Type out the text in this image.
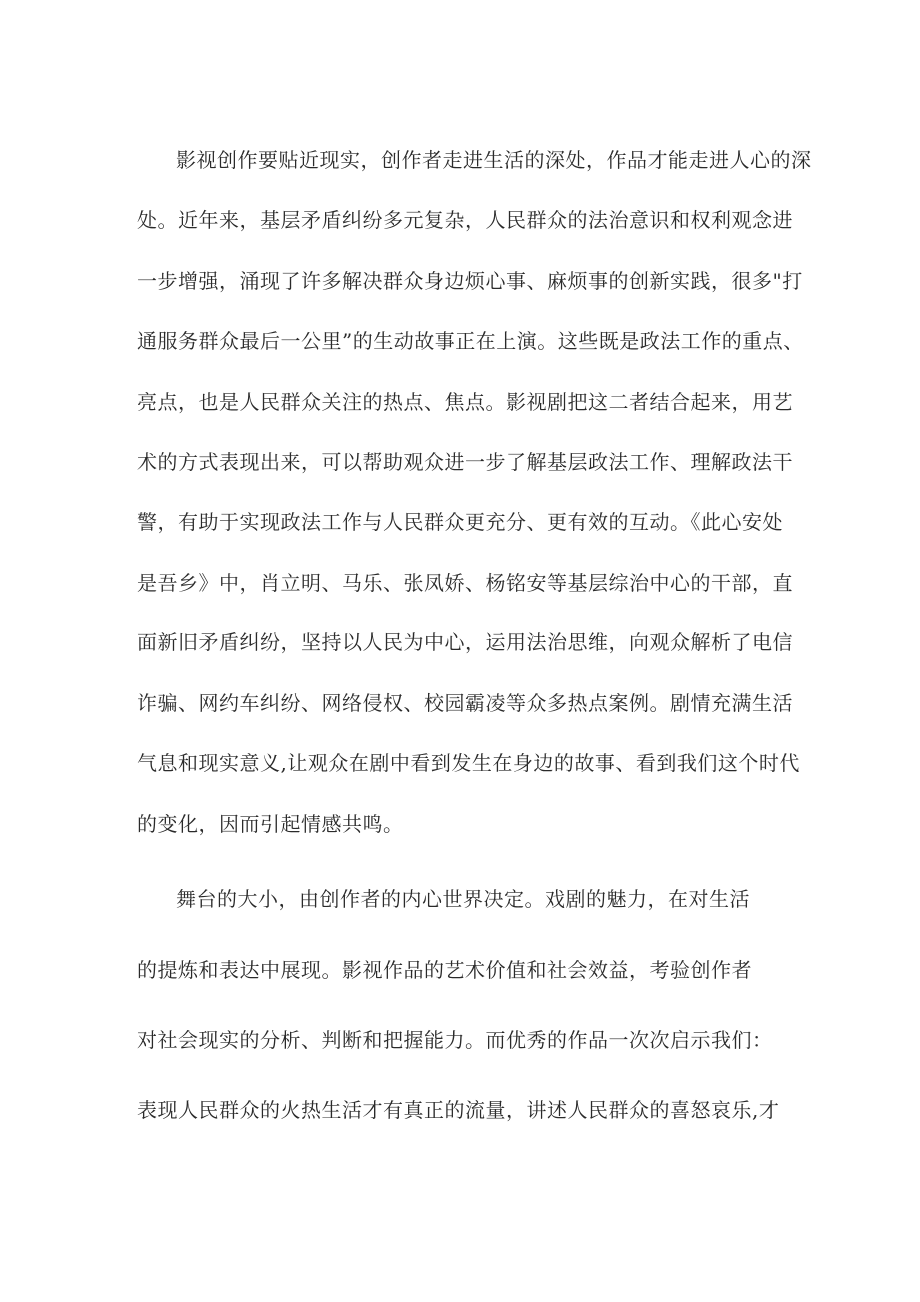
影视创作要贴近现实，创作者走进生活的深处，作品才能走进人心的深
处。近年来，基层矛盾纠纷多元复杂，人民群众的法治意识和权利观念进
一步增强，涌现了许多解决群众身边烦心事、麻烦事的创新实践，很多"打
通服务群众最后一公里”的生动故事正在上演。这些既是政法工作的重点、
亮点，也是人民群众关注的热点、焦点。影视剧把这二者结合起来，用艺
术的方式表现出来，可以帮助观众进一步了解基层政法工作、理解政法干
警，有助于实现政法工作与人民群众更充分、更有效的互动。《此心安处
是吾乡》中，肖立明、马乐、张凤娇、杨铭安等基层综治中心的干部，直
面新旧矛盾纠纷，坚持以人民为中心，运用法治思维，向观众解析了电信
诈骗、网约车纠纷、网络侵权、校园霸凌等众多热点案例。剧情充满生活
气息和现实意义,让观众在剧中看到发生在身边的故事、看到我们这个时代
的变化，因而引起情感共鸣。
舞台的大小，由创作者的内心世界决定。戏剧的魅力，在对生活
的提炼和表达中展现。影视作品的艺术价值和社会效益，考验创作者
对社会现实的分析、判断和把握能力。而优秀的作品一次次启示我们：
表现人民群众的火热生活才有真正的流量，讲述人民群众的喜怒哀乐,才
